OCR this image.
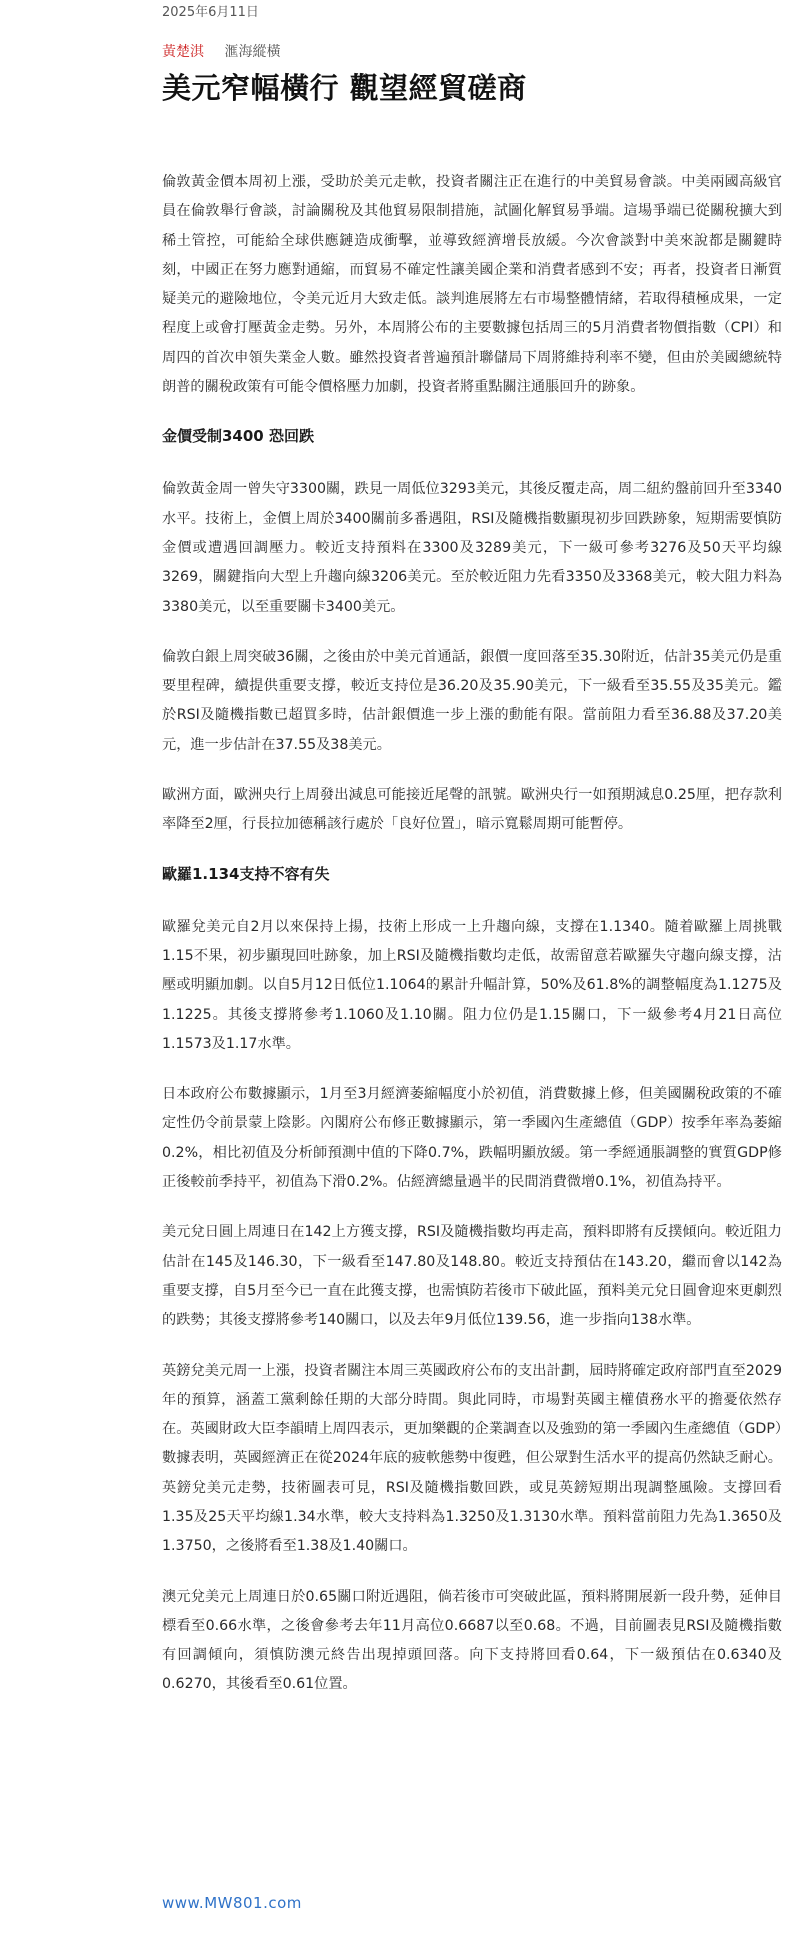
2025年6月11日
黃楚淇 滙海縱橫
美元窄幅橫行 觀望經貿磋商

倫敦黃金價本周初上漲，受助於美元走軟，投資者關注正在進行的中美貿易會談。中美兩國高級官員在倫敦舉行會談，討論關稅及其他貿易限制措施，試圖化解貿易爭端。這場爭端已從關稅擴大到稀土管控，可能給全球供應鏈造成衝擊，並導致經濟增長放緩。今次會談對中美來說都是關鍵時刻，中國正在努力應對通縮，而貿易不確定性讓美國企業和消費者感到不安；再者，投資者日漸質疑美元的避險地位，令美元近月大致走低。談判進展將左右市場整體情緒，若取得積極成果，一定程度上或會打壓黃金走勢。另外，本周將公布的主要數據包括周三的5月消費者物價指數（CPI）和周四的首次申領失業金人數。雖然投資者普遍預計聯儲局下周將維持利率不變，但由於美國總統特朗普的關稅政策有可能令價格壓力加劇，投資者將重點關注通脹回升的跡象。

金價受制3400 恐回跌

倫敦黃金周一曾失守3300關，跌見一周低位3293美元，其後反覆走高，周二紐約盤前回升至3340水平。技術上，金價上周於3400關前多番遇阻，RSI及隨機指數顯現初步回跌跡象，短期需要慎防金價或遭遇回調壓力。較近支持預料在3300及3289美元，下一級可參考3276及50天平均線3269，關鍵指向大型上升趨向線3206美元。至於較近阻力先看3350及3368美元，較大阻力料為3380美元，以至重要關卡3400美元。

倫敦白銀上周突破36關，之後由於中美元首通話，銀價一度回落至35.30附近，估計35美元仍是重要里程碑，續提供重要支撐，較近支持位是36.20及35.90美元，下一級看至35.55及35美元。鑑於RSI及隨機指數已超買多時，估計銀價進一步上漲的動能有限。當前阻力看至36.88及37.20美元，進一步估計在37.55及38美元。

歐洲方面，歐洲央行上周發出減息可能接近尾聲的訊號。歐洲央行一如預期減息0.25厘，把存款利率降至2厘，行長拉加德稱該行處於「良好位置」，暗示寬鬆周期可能暫停。

歐羅1.134支持不容有失

歐羅兌美元自2月以來保持上揚，技術上形成一上升趨向線，支撐在1.1340。隨着歐羅上周挑戰1.15不果，初步顯現回吐跡象，加上RSI及隨機指數均走低，故需留意若歐羅失守趨向線支撐，沽壓或明顯加劇。以自5月12日低位1.1064的累計升幅計算，50%及61.8%的調整幅度為1.1275及1.1225。其後支撐將參考1.1060及1.10關。阻力位仍是1.15關口，下一級參考4月21日高位1.1573及1.17水準。

日本政府公布數據顯示，1月至3月經濟萎縮幅度小於初值，消費數據上修，但美國關稅政策的不確定性仍令前景蒙上陰影。內閣府公布修正數據顯示，第一季國內生產總值（GDP）按季年率為萎縮0.2%，相比初值及分析師預測中值的下降0.7%，跌幅明顯放緩。第一季經通脹調整的實質GDP修正後較前季持平，初值為下滑0.2%。佔經濟總量過半的民間消費微增0.1%，初值為持平。

美元兌日圓上周連日在142上方獲支撐，RSI及隨機指數均再走高，預料即將有反撲傾向。較近阻力估計在145及146.30，下一級看至147.80及148.80。較近支持預估在143.20，繼而會以142為重要支撐，自5月至今已一直在此獲支撐，也需慎防若後市下破此區，預料美元兌日圓會迎來更劇烈的跌勢；其後支撐將參考140關口，以及去年9月低位139.56，進一步指向138水準。

英鎊兌美元周一上漲，投資者關注本周三英國政府公布的支出計劃，屆時將確定政府部門直至2029年的預算，涵蓋工黨剩餘任期的大部分時間。與此同時，市場對英國主權債務水平的擔憂依然存在。英國財政大臣李韻晴上周四表示，更加樂觀的企業調查以及強勁的第一季國內生產總值（GDP）數據表明，英國經濟正在從2024年底的疲軟態勢中復甦，但公眾對生活水平的提高仍然缺乏耐心。英鎊兌美元走勢，技術圖表可見，RSI及隨機指數回跌，或見英鎊短期出現調整風險。支撐回看1.35及25天平均線1.34水準，較大支持料為1.3250及1.3130水準。預料當前阻力先為1.3650及1.3750，之後將看至1.38及1.40關口。

澳元兌美元上周連日於0.65關口附近遇阻，倘若後市可突破此區，預料將開展新一段升勢，延伸目標看至0.66水準，之後會參考去年11月高位0.6687以至0.68。不過，目前圖表見RSI及隨機指數有回調傾向，須慎防澳元終告出現掉頭回落。向下支持將回看0.64，下一級預估在0.6340及0.6270，其後看至0.61位置。

www.MW801.com
